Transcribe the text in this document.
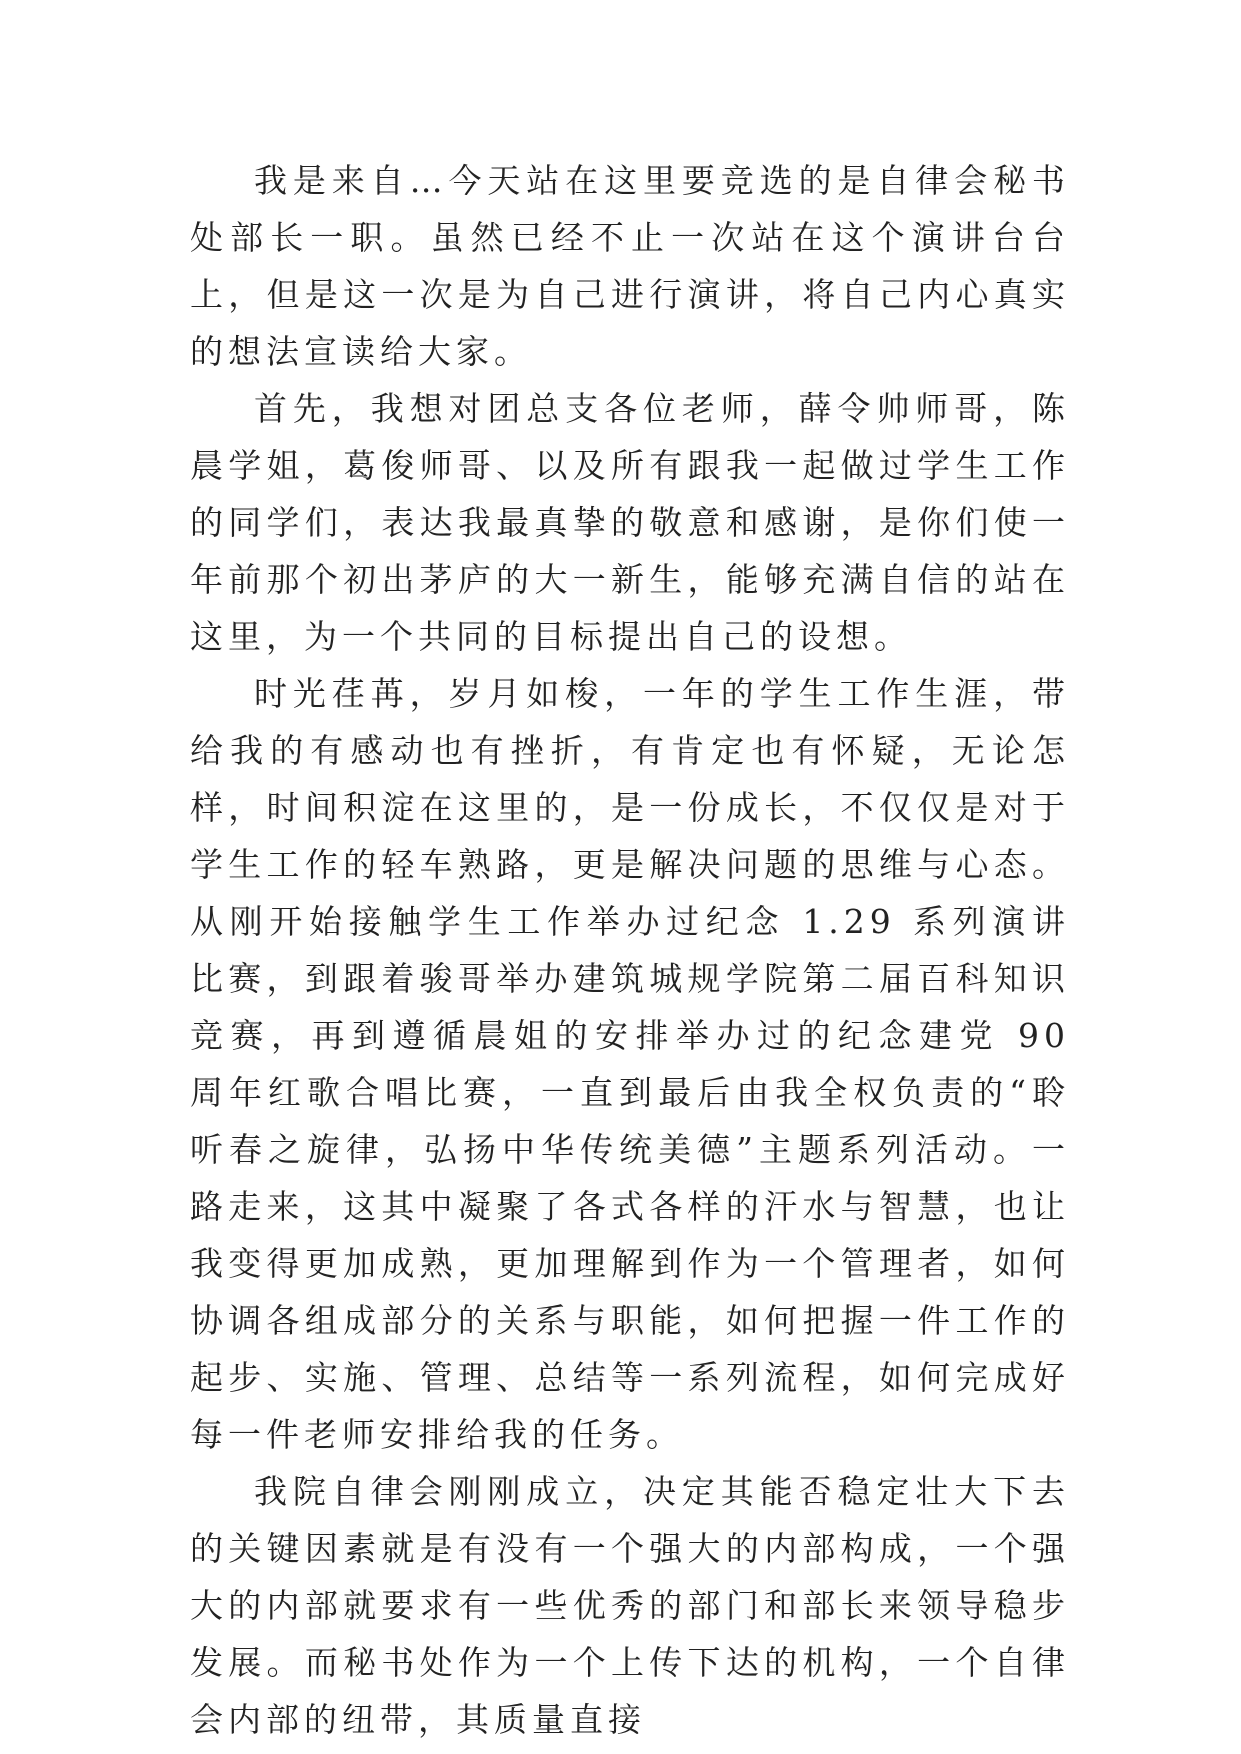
我是来自…今天站在这里要竞选的是自律会秘书处部长一职。虽然已经不止一次站在这个演讲台台上，但是这一次是为自己进行演讲，将自己内心真实的想法宣读给大家。

首先，我想对团总支各位老师，薛令帅师哥，陈晨学姐，葛俊师哥、以及所有跟我一起做过学生工作的同学们，表达我最真挚的敬意和感谢，是你们使一年前那个初出茅庐的大一新生，能够充满自信的站在这里，为一个共同的目标提出自己的设想。

时光荏苒，岁月如梭，一年的学生工作生涯，带给我的有感动也有挫折，有肯定也有怀疑，无论怎样，时间积淀在这里的，是一份成长，不仅仅是对于学生工作的轻车熟路，更是解决问题的思维与心态。从刚开始接触学生工作举办过纪念 1.29 系列演讲比赛，到跟着骏哥举办建筑城规学院第二届百科知识竞赛，再到遵循晨姐的安排举办过的纪念建党 90 周年红歌合唱比赛，一直到最后由我全权负责的“聆听春之旋律，弘扬中华传统美德”主题系列活动。一路走来，这其中凝聚了各式各样的汗水与智慧，也让我变得更加成熟，更加理解到作为一个管理者，如何协调各组成部分的关系与职能，如何把握一件工作的起步、实施、管理、总结等一系列流程，如何完成好每一件老师安排给我的任务。

我院自律会刚刚成立，决定其能否稳定壮大下去的关键因素就是有没有一个强大的内部构成，一个强大的内部就要求有一些优秀的部门和部长来领导稳步发展。而秘书处作为一个上传下达的机构，一个自律会内部的纽带，其质量直接
